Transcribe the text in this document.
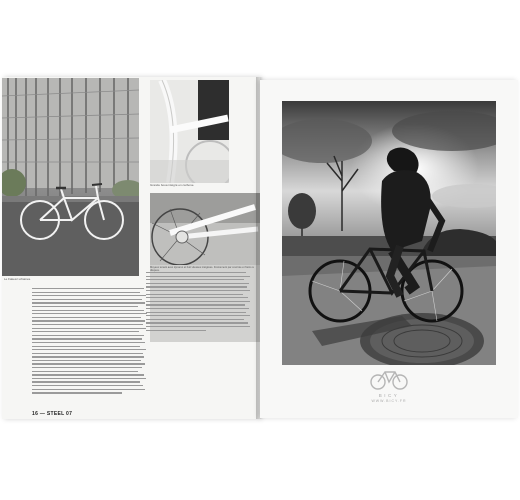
Le Fakesz urbaines.
Grande boua intégré en carbone.
Moyeux tenant avec dynamo et huit vitesses intégrées. Freinement par courroie et freins à disques.
16 — STEEL 07
BICY
WWW.BICY.FR
